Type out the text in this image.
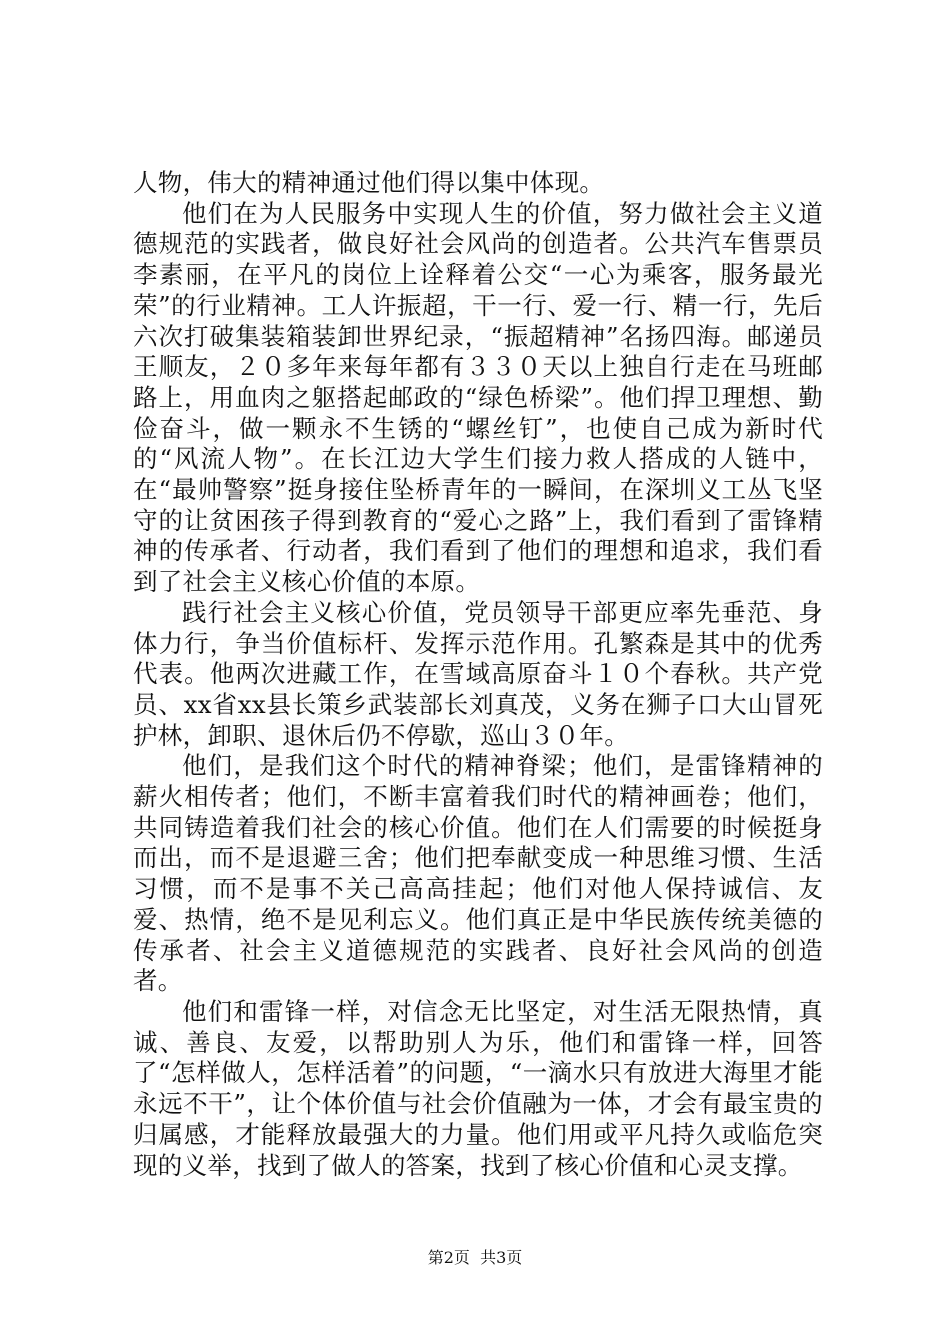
人物，伟大的精神通过他们得以集中体现。

他们在为人民服务中实现人生的价值，努力做社会主义道德规范的实践者，做良好社会风尚的创造者。公共汽车售票员李素丽，在平凡的岗位上诠释着公交“一心为乘客，服务最光荣”的行业精神。工人许振超，干一行、爱一行、精一行，先后六次打破集装箱装卸世界纪录，“振超精神”名扬四海。邮递员王顺友，２０多年来每年都有３３０天以上独自行走在马班邮路上，用血肉之躯搭起邮政的“绿色桥梁”。他们捍卫理想、勤俭奋斗，做一颗永不生锈的“螺丝钉”，也使自己成为新时代的“风流人物”。在长江边大学生们接力救人搭成的人链中，在“最帅警察”挺身接住坠桥青年的一瞬间，在深圳义工丛飞坚守的让贫困孩子得到教育的“爱心之路”上，我们看到了雷锋精神的传承者、行动者，我们看到了他们的理想和追求，我们看到了社会主义核心价值的本原。

践行社会主义核心价值，党员领导干部更应率先垂范、身体力行，争当价值标杆、发挥示范作用。孔繁森是其中的优秀代表。他两次进藏工作，在雪域高原奋斗１０个春秋。共产党员、xx省xx县长策乡武装部长刘真茂，义务在狮子口大山冒死护林，卸职、退休后仍不停歇，巡山３０年。

他们，是我们这个时代的精神脊梁；他们，是雷锋精神的薪火相传者；他们，不断丰富着我们时代的精神画卷；他们，共同铸造着我们社会的核心价值。他们在人们需要的时候挺身而出，而不是退避三舍；他们把奉献变成一种思维习惯、生活习惯，而不是事不关己高高挂起；他们对他人保持诚信、友爱、热情，绝不是见利忘义。他们真正是中华民族传统美德的传承者、社会主义道德规范的实践者、良好社会风尚的创造者。

他们和雷锋一样，对信念无比坚定，对生活无限热情，真诚、善良、友爱，以帮助别人为乐，他们和雷锋一样，回答了“怎样做人，怎样活着”的问题，“一滴水只有放进大海里才能永远不干”，让个体价值与社会价值融为一体，才会有最宝贵的归属感，才能释放最强大的力量。他们用或平凡持久或临危突现的义举，找到了做人的答案，找到了核心价值和心灵支撑。

第2页  共3页
